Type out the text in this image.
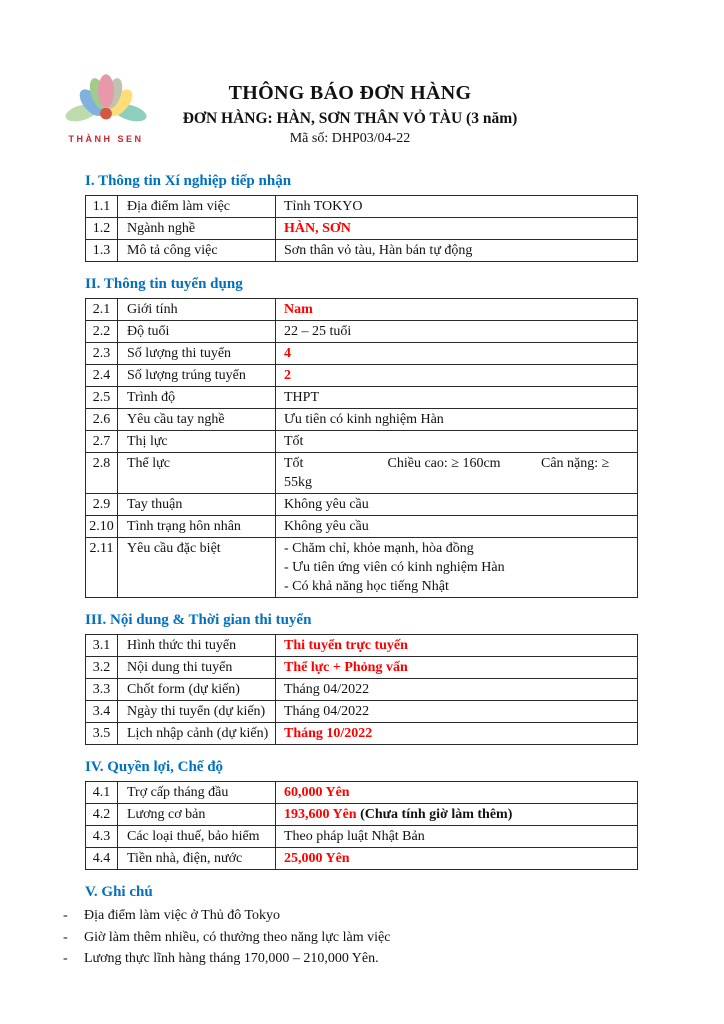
THÀNH SEN
THÔNG BÁO ĐƠN HÀNG
ĐƠN HÀNG: HÀN, SƠN THÂN VỎ TÀU (3 năm)
Mã số: DHP03/04-22
I. Thông tin Xí nghiệp tiếp nhận
1.1	Địa điểm làm việc	Tỉnh TOKYO
1.2	Ngành nghề	HÀN, SƠN
1.3	Mô tả công việc	Sơn thân vỏ tàu, Hàn bán tự động
II. Thông tin tuyển dụng
2.1	Giới tính	Nam
2.2	Độ tuổi	22 – 25 tuổi
2.3	Số lượng thi tuyển	4
2.4	Số lượng trúng tuyển	2
2.5	Trình độ	THPT
2.6	Yêu cầu tay nghề	Ưu tiên có kinh nghiệm Hàn
2.7	Thị lực	Tốt
2.8	Thể lực	Tốt	Chiều cao: ≥ 160cm	Cân nặng: ≥ 55kg
2.9	Tay thuận	Không yêu cầu
2.10 Tình trạng hôn nhân	Không yêu cầu
2.11 Yêu cầu đặc biệt	- Chăm chỉ, khỏe mạnh, hòa đồng
- Ưu tiên ứng viên có kinh nghiệm Hàn
- Có khả năng học tiếng Nhật
III. Nội dung & Thời gian thi tuyển
3.1	Hình thức thi tuyển	Thi tuyển trực tuyến
3.2	Nội dung thi tuyển	Thể lực + Phỏng vấn
3.3	Chốt form (dự kiến)	Tháng 04/2022
3.4	Ngày thi tuyển (dự kiến)	Tháng 04/2022
3.5	Lịch nhập cảnh (dự kiến)	Tháng 10/2022
IV. Quyền lợi, Chế độ
4.1	Trợ cấp tháng đầu	60,000 Yên
4.2	Lương cơ bản	193,600 Yên (Chưa tính giờ làm thêm)
4.3	Các loại thuế, bảo hiểm	Theo pháp luật Nhật Bản
4.4	Tiền nhà, điện, nước	25,000 Yên
V. Ghi chú
-	Địa điểm làm việc ở Thủ đô Tokyo
-	Giờ làm thêm nhiều, có thưởng theo năng lực làm việc
-	Lương thực lĩnh hàng tháng 170,000 – 210,000 Yên.
